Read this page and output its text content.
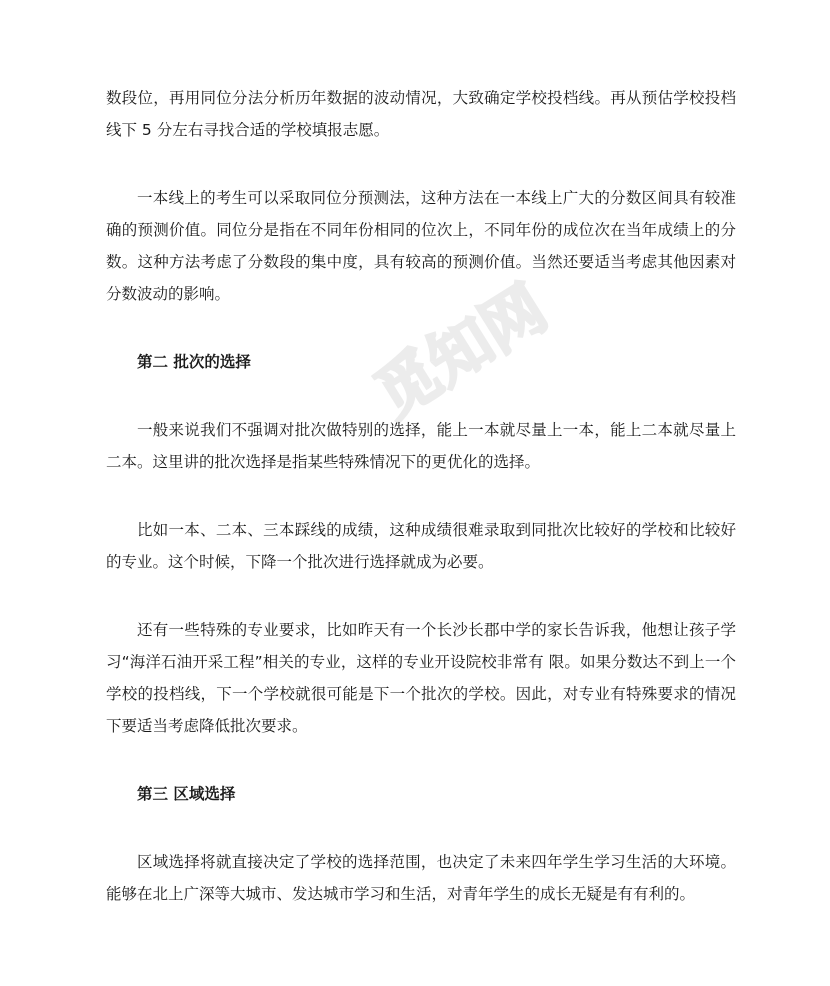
觅知网

数段位，再用同位分法分析历年数据的波动情况，大致确定学校投档线。再从预估学校投档线下 5 分左右寻找合适的学校填报志愿。

一本线上的考生可以采取同位分预测法，这种方法在一本线上广大的分数区间具有较准确的预测价值。同位分是指在不同年份相同的位次上，不同年份的成位次在当年成绩上的分数。这种方法考虑了分数段的集中度，具有较高的预测价值。当然还要适当考虑其他因素对分数波动的影响。

第二 批次的选择

一般来说我们不强调对批次做特别的选择，能上一本就尽量上一本，能上二本就尽量上二本。这里讲的批次选择是指某些特殊情况下的更优化的选择。

比如一本、二本、三本踩线的成绩，这种成绩很难录取到同批次比较好的学校和比较好的专业。这个时候，下降一个批次进行选择就成为必要。

还有一些特殊的专业要求，比如昨天有一个长沙长郡中学的家长告诉我，他想让孩子学习“海洋石油开采工程”相关的专业，这样的专业开设院校非常有 限。如果分数达不到上一个学校的投档线，下一个学校就很可能是下一个批次的学校。因此，对专业有特殊要求的情况下要适当考虑降低批次要求。

第三 区域选择

区域选择将就直接决定了学校的选择范围，也决定了未来四年学生学习生活的大环境。能够在北上广深等大城市、发达城市学习和生活，对青年学生的成长无疑是有有利的。
